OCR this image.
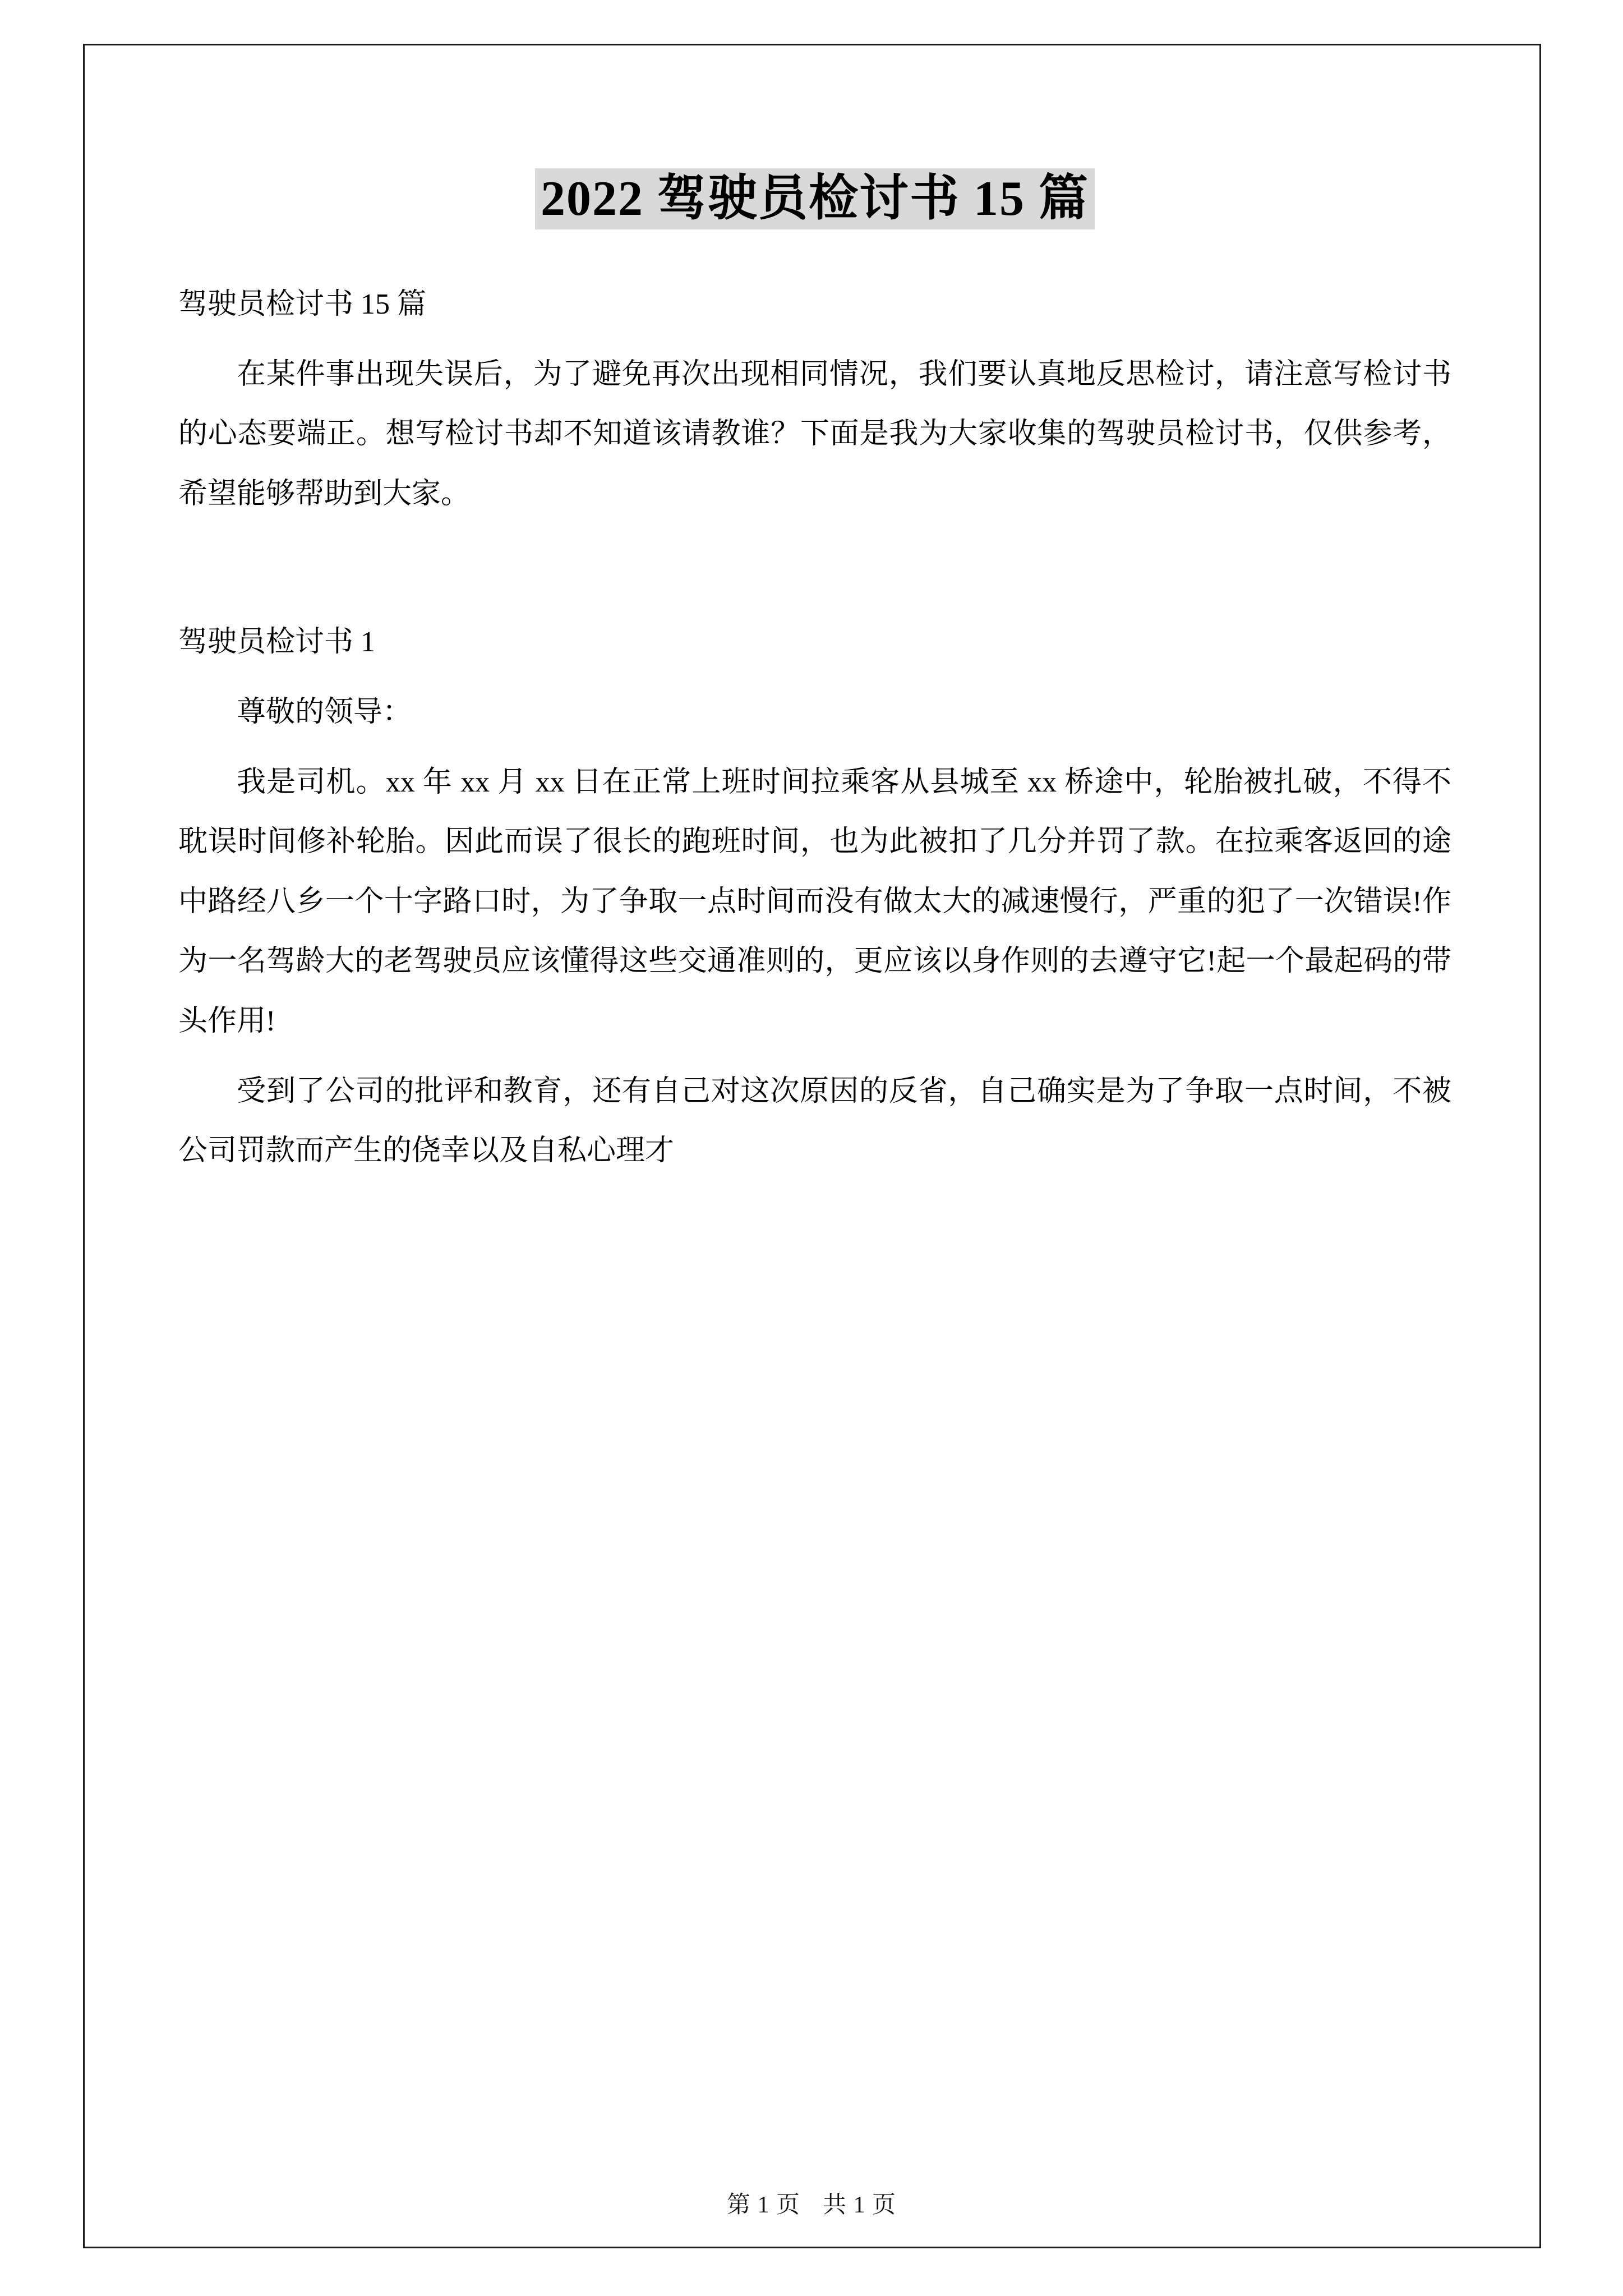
2022 驾驶员检讨书 15 篇

驾驶员检讨书 15 篇

在某件事出现失误后，为了避免再次出现相同情况，我们要认真地反思检讨，请注意写检讨书的心态要端正。想写检讨书却不知道该请教谁？下面是我为大家收集的驾驶员检讨书，仅供参考，希望能够帮助到大家。

驾驶员检讨书 1

尊敬的领导：

我是司机。xx 年 xx 月 xx 日在正常上班时间拉乘客从县城至 xx 桥途中，轮胎被扎破，不得不耽误时间修补轮胎。因此而误了很长的跑班时间，也为此被扣了几分并罚了款。在拉乘客返回的途中路经八乡一个十字路口时，为了争取一点时间而没有做太大的减速慢行，严重的犯了一次错误!作为一名驾龄大的老驾驶员应该懂得这些交通准则的，更应该以身作则的去遵守它!起一个最起码的带头作用!

受到了公司的批评和教育，还有自己对这次原因的反省，自己确实是为了争取一点时间，不被公司罚款而产生的侥幸以及自私心理才

第 1 页 共 1 页
